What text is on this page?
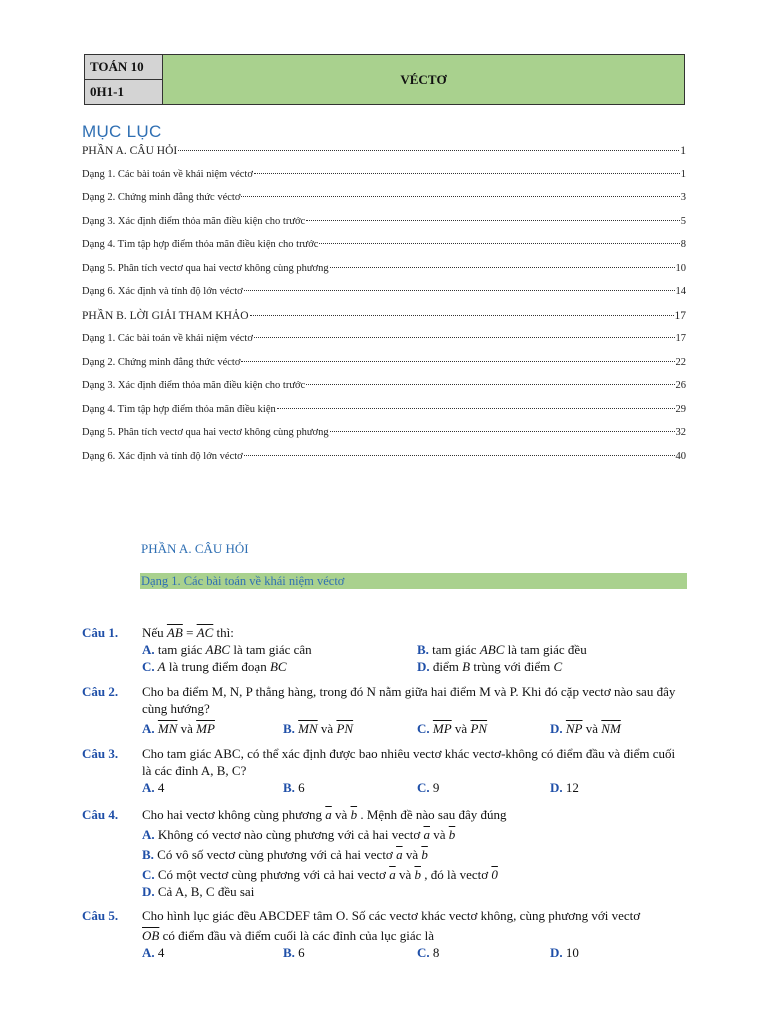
TOÁN 10	VÉCTƠ
0H1-1
MỤC LỤC
PHẦN A. CÂU HỎI	1
Dạng 1. Các bài toán về khái niệm véctơ	1
Dạng 2. Chứng minh đẳng thức véctơ	3
Dạng 3. Xác định điểm thỏa mãn điều kiện cho trước	5
Dạng 4. Tìm tập hợp điểm thỏa mãn điều kiện cho trước	8
Dạng 5. Phân tích vectơ qua hai vectơ không cùng phương	10
Dạng 6. Xác định và tính độ lớn véctơ	14
PHẦN B. LỜI GIẢI THAM KHẢO	17
Dạng 1. Các bài toán về khái niệm véctơ	17
Dạng 2. Chứng minh đẳng thức véctơ	22
Dạng 3. Xác định điểm thỏa mãn điều kiện cho trước	26
Dạng 4. Tìm tập hợp điểm thỏa mãn điều kiện	29
Dạng 5. Phân tích vectơ qua hai vectơ không cùng phương	32
Dạng 6. Xác định và tính độ lớn véctơ	40
PHẦN A. CÂU HỎI
Dạng 1. Các bài toán về khái niệm véctơ
Câu 1.	Nếu $\overline{AB} = \overline{AC}$ thì:
A. tam giác ABC là tam giác cân	B. tam giác ABC là tam giác đều
C. A là trung điểm đoạn BC	D. điểm B trùng với điểm C
Câu 2.	Cho ba điểm M, N, P thẳng hàng, trong đó N nằm giữa hai điểm M và P. Khi đó cặp vectơ nào sau đây cùng hướng?
A. $\overline{MN}$ và $\overline{MP}$	B. $\overline{MN}$ và $\overline{PN}$	C. $\overline{MP}$ và $\overline{PN}$	D. $\overline{NP}$ và $\overline{NM}$
Câu 3.	Cho tam giác ABC, có thể xác định được bao nhiêu vectơ khác vectơ-không có điểm đầu và điểm cuối là các đỉnh A, B, C?
A. 4	B. 6	C. 9	D. 12
Câu 4.	Cho hai vectơ không cùng phương $\overline{a}$ và $\overline{b}$ . Mệnh đề nào sau đây đúng
A. Không có vectơ nào cùng phương với cả hai vectơ $\overline{a}$ và $\overline{b}$
B. Có vô số vectơ cùng phương với cả hai vectơ $\overline{a}$ và $\overline{b}$
C. Có một vectơ cùng phương với cả hai vectơ $\overline{a}$ và $\overline{b}$ , đó là vectơ 0
D. Cả A, B, C đều sai
Câu 5.	Cho hình lục giác đều ABCDEF tâm O. Số các vectơ khác vectơ không, cùng phương với vectơ
$\overline{OB}$ có điểm đầu và điểm cuối là các đỉnh của lục giác là
A. 4	B. 6	C. 8	D. 10
